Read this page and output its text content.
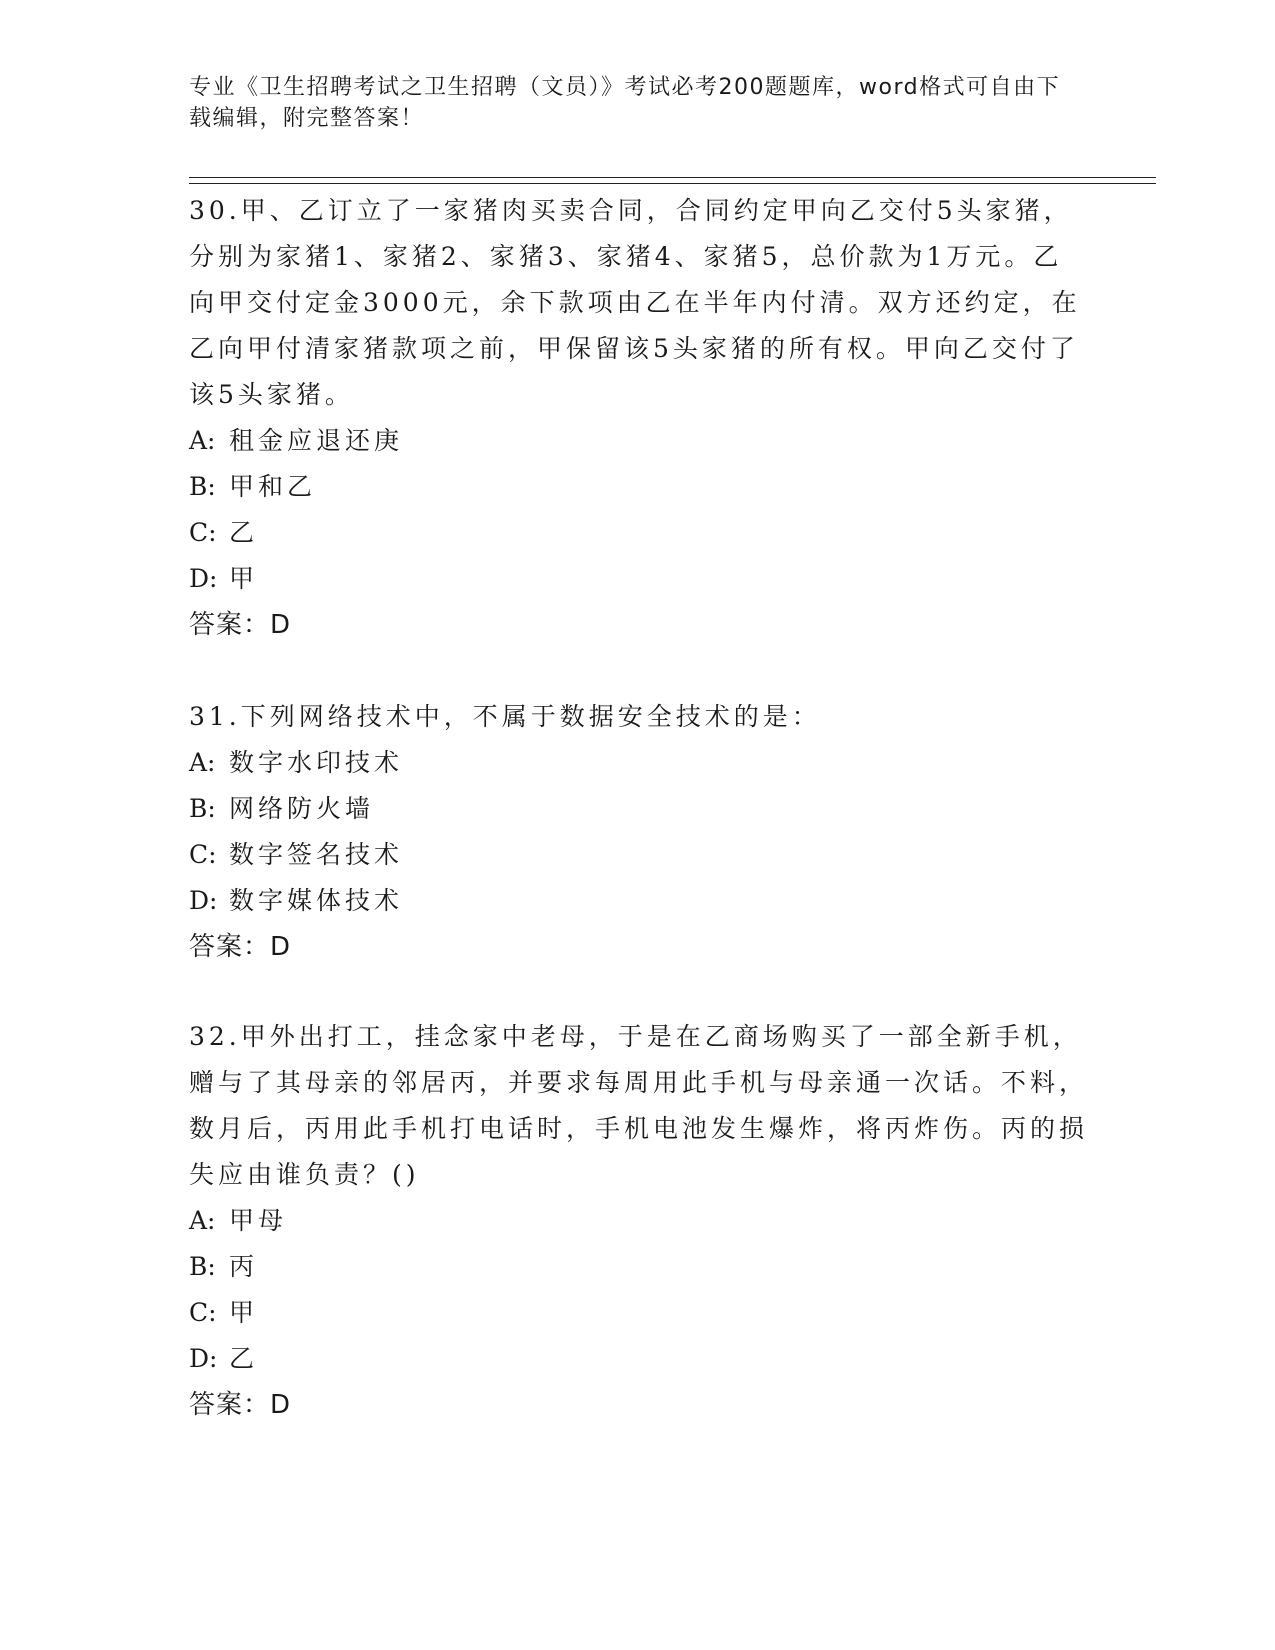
专业《卫生招聘考试之卫生招聘（文员）》考试必考200题题库，word格式可自由下载编辑，附完整答案！

30.甲、乙订立了一家猪肉买卖合同，合同约定甲向乙交付5头家猪，分别为家猪1、家猪2、家猪3、家猪4、家猪5，总价款为1万元。乙向甲交付定金3000元，余下款项由乙在半年内付清。双方还约定，在乙向甲付清家猪款项之前，甲保留该5头家猪的所有权。甲向乙交付了该5头家猪。

A: 租金应退还庚
B: 甲和乙
C: 乙
D: 甲
答案：D

31.下列网络技术中，不属于数据安全技术的是：

A: 数字水印技术
B: 网络防火墙
C: 数字签名技术
D: 数字媒体技术
答案：D

32.甲外出打工，挂念家中老母，于是在乙商场购买了一部全新手机，赠与了其母亲的邻居丙，并要求每周用此手机与母亲通一次话。不料，数月后，丙用此手机打电话时，手机电池发生爆炸，将丙炸伤。丙的损失应由谁负责？()

A: 甲母
B: 丙
C: 甲
D: 乙
答案：D
